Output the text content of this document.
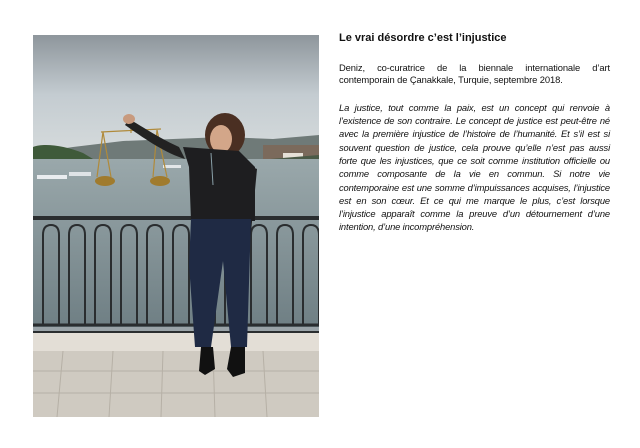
Le vrai désordre c’est l’injustice

Deniz, co-curatrice de la biennale internationale d’art contemporain de Çanakkale, Turquie, septembre 2018.

La justice, tout comme la paix, est un concept qui renvoie à l’existence de son contraire. Le concept de justice est peut-être né avec la première injustice de l’histoire de l’humanité. Et s’il est si souvent question de justice, cela prouve qu’elle n’est pas aussi forte que les injustices, que ce soit comme institution officielle ou comme composante de la vie en commun. Si notre vie contemporaine est une somme d’impuissances acquises, l’injustice est en son cœur. Et ce qui me marque le plus, c’est lorsque l’injustice apparaît comme la preuve d’un détournement d’une intention, d’une incompréhension.
